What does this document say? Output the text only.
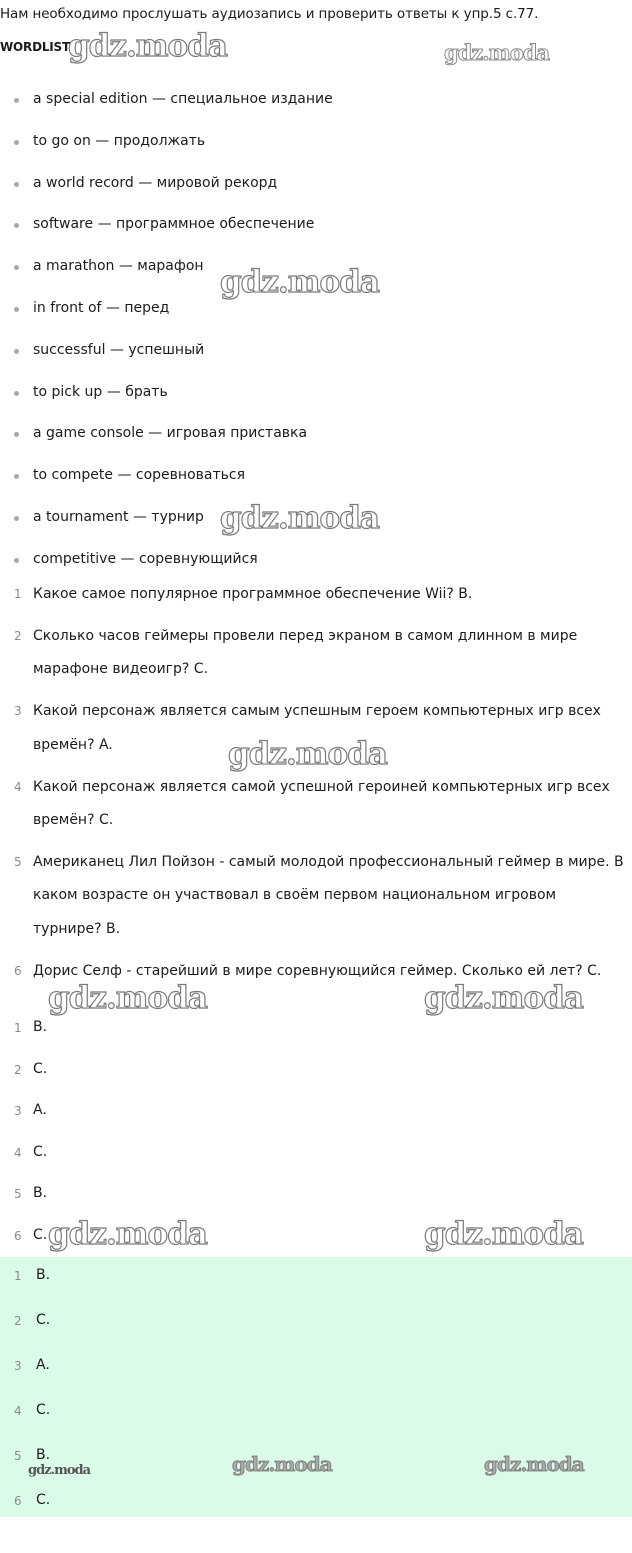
Нам необходимо прослушать аудиозапись и проверить ответы к упр.5 с.77.
WORDLIST
a special edition — специальное издание
to go on — продолжать
a world record — мировой рекорд
software — программное обеспечение
a marathon — марафон
in front of — перед
successful — успешный
to pick up — брать
a game console — игровая приставка
to compete — соревноваться
a tournament — турнир
competitive — соревнующийся
1 Какое самое популярное программное обеспечение Wii? B.
2 Сколько часов геймеры провели перед экраном в самом длинном в мире марафоне видеоигр? C.
3 Какой персонаж является самым успешным героем компьютерных игр всех времён? A.
4 Какой персонаж является самой успешной героиней компьютерных игр всех времён? C.
5 Американец Лил Пойзон - самый молодой профессиональный геймер в мире. В каком возрасте он участвовал в своём первом национальном игровом турнире? B.
6 Дорис Селф - старейший в мире соревнующийся геймер. Сколько ей лет? C.
1 B.
2 C.
3 A.
4 C.
5 B.
6 C.
1 B.
2 C.
3 A.
4 C.
5 B.
6 C.
gdz.moda	gdz.moda
gdz.moda
gdz.moda
gdz.moda
gdz.moda	gdz.moda
gdz.moda	gdz.moda
gdz.moda	gdz.moda	gdz.moda
